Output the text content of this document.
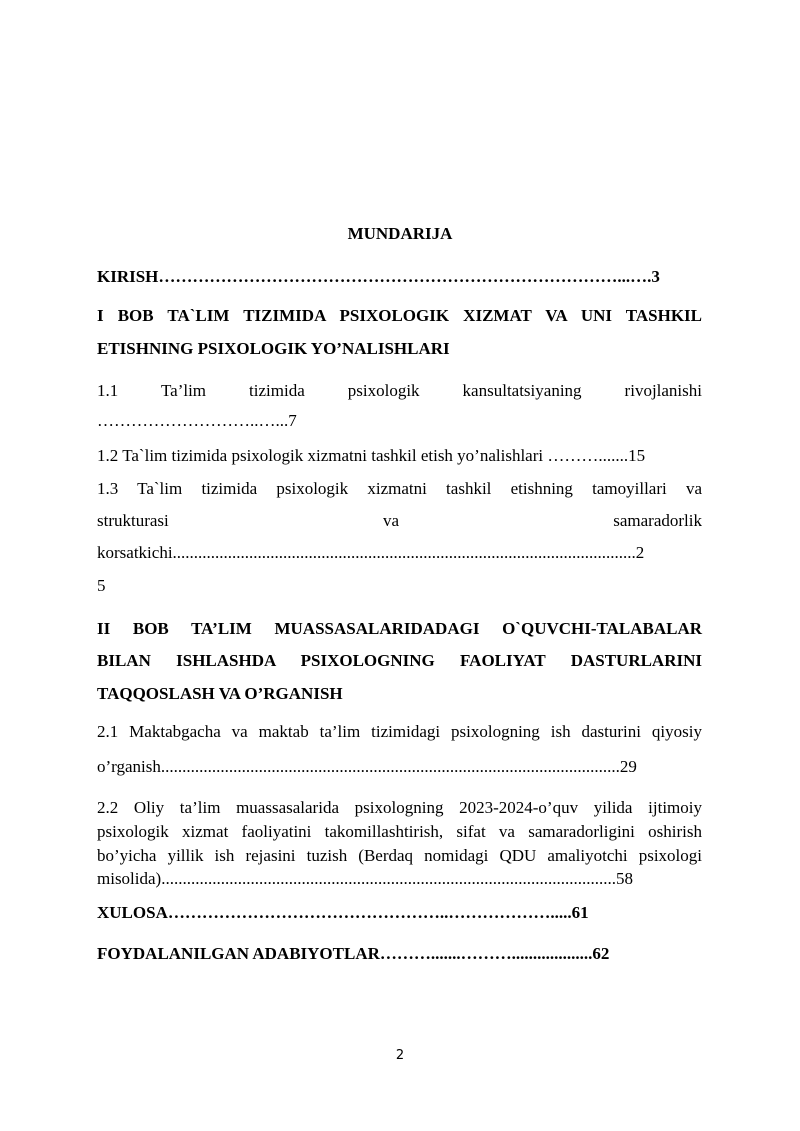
MUNDARIJA
KIRISH………………………………………………………………………...….3
I BOB TA`LIM TIZIMIDA PSIXOLOGIK XIZMAT VA UNI TASHKIL
ETISHNING PSIXOLOGIK YO’NALISHLARI
1.1 Ta’lim tizimida psixologik kansultatsiyaning rivojlanishi
………………………..…...7
1.2 Ta`lim tizimida psixologik xizmatni tashkil etish yo’nalishlari ……….......15
1.3 Ta`lim tizimida psixologik xizmatni tashkil etishning tamoyillari va
strukturasi va samaradorlik
korsatkichi.............................................................................................................2
5
II BOB TA’LIM MUASSASALARIDADAGI O`QUVCHI-TALABALAR
BILAN ISHLASHDA PSIXOLOGNING FAOLIYAT DASTURLARINI
TAQQOSLASH VA O’RGANISH
2.1 Maktabgacha va maktab ta’lim tizimidagi psixologning ish dasturini qiyosiy
o’rganish............................................................................................................29
2.2 Oliy ta’lim muassasalarida psixologning 2023-2024-o’quv yilida ijtimoiy
psixologik xizmat faoliyatini takomillashtirish, sifat va samaradorligini oshirish
bo’yicha yillik ish rejasini tuzish (Berdaq nomidagi QDU amaliyotchi psixologi
misolida)...........................................................................................................58
XULOSA…………………………………………..……………….....61
FOYDALANILGAN ADABIYOTLAR……….......………...................62
2
